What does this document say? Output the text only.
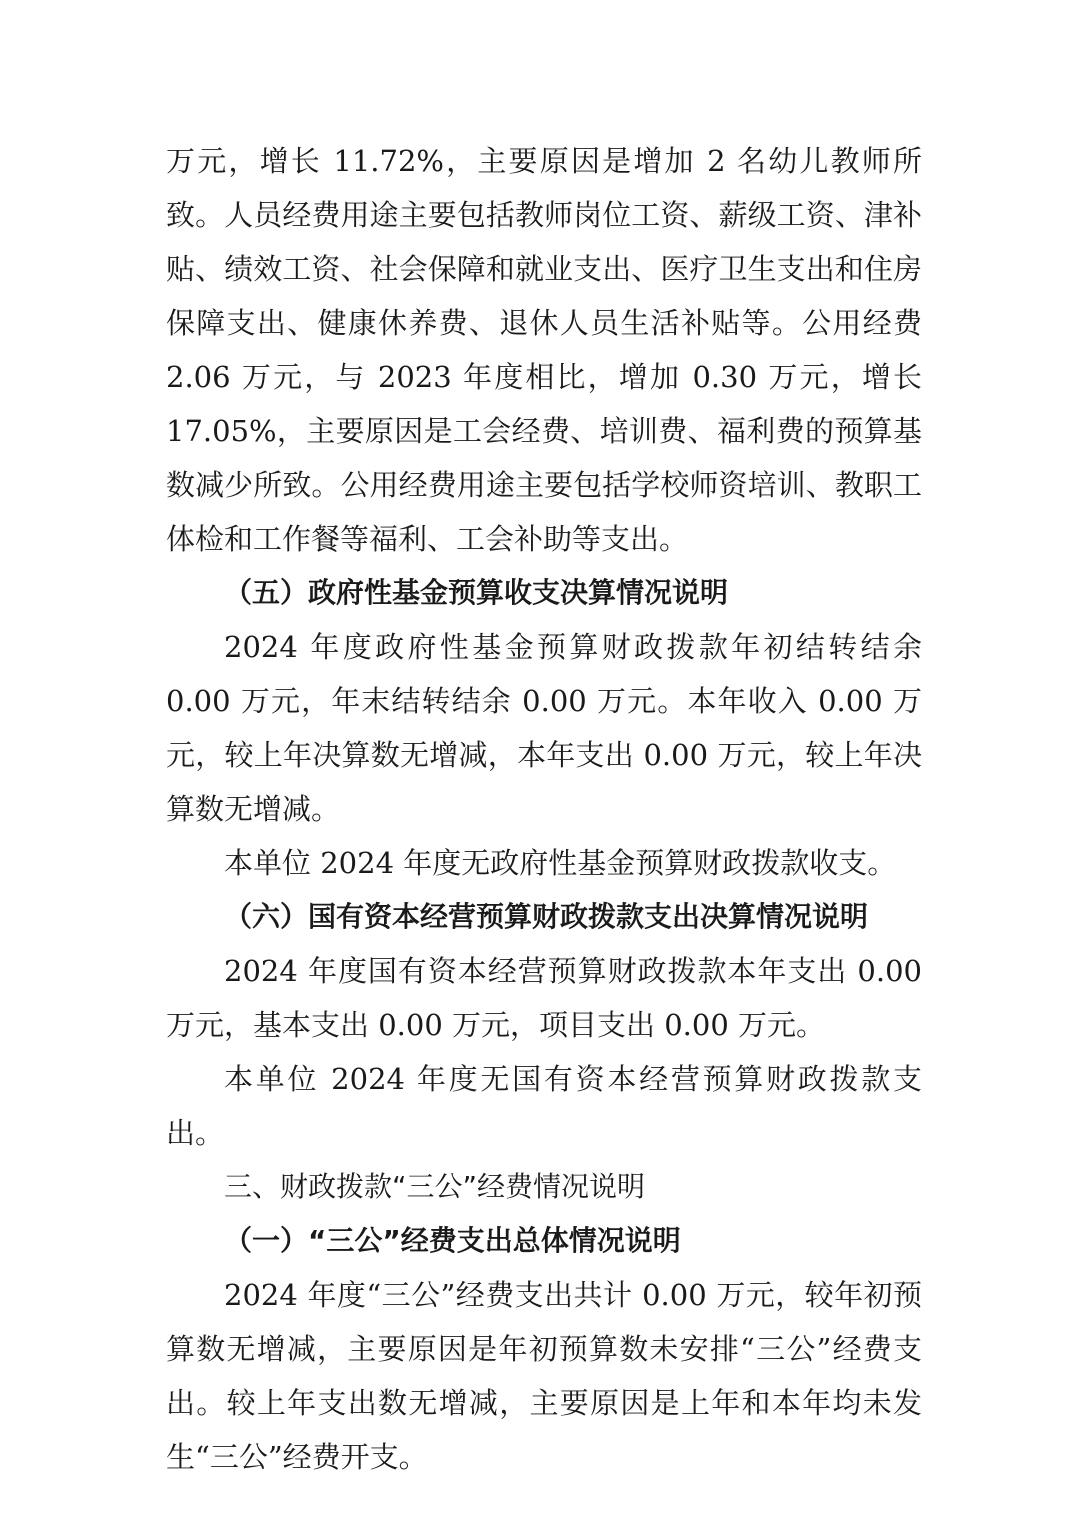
万元，增长 11.72%，主要原因是增加 2 名幼儿教师所致。人员经费用途主要包括教师岗位工资、薪级工资、津补贴、绩效工资、社会保障和就业支出、医疗卫生支出和住房保障支出、健康休养费、退休人员生活补贴等。公用经费 2.06 万元，与 2023 年度相比，增加 0.30 万元，增长 17.05%，主要原因是工会经费、培训费、福利费的预算基数减少所致。公用经费用途主要包括学校师资培训、教职工体检和工作餐等福利、工会补助等支出。

（五）政府性基金预算收支决算情况说明

2024 年度政府性基金预算财政拨款年初结转结余 0.00 万元，年末结转结余 0.00 万元。本年收入 0.00 万元，较上年决算数无增减，本年支出 0.00 万元，较上年决算数无增减。

本单位 2024 年度无政府性基金预算财政拨款收支。

（六）国有资本经营预算财政拨款支出决算情况说明

2024 年度国有资本经营预算财政拨款本年支出 0.00 万元，基本支出 0.00 万元，项目支出 0.00 万元。

本单位 2024 年度无国有资本经营预算财政拨款支出。

三、财政拨款“三公”经费情况说明

（一）“三公”经费支出总体情况说明

2024 年度“三公”经费支出共计 0.00 万元，较年初预算数无增减，主要原因是年初预算数未安排“三公”经费支出。较上年支出数无增减，主要原因是上年和本年均未发生“三公”经费开支。
